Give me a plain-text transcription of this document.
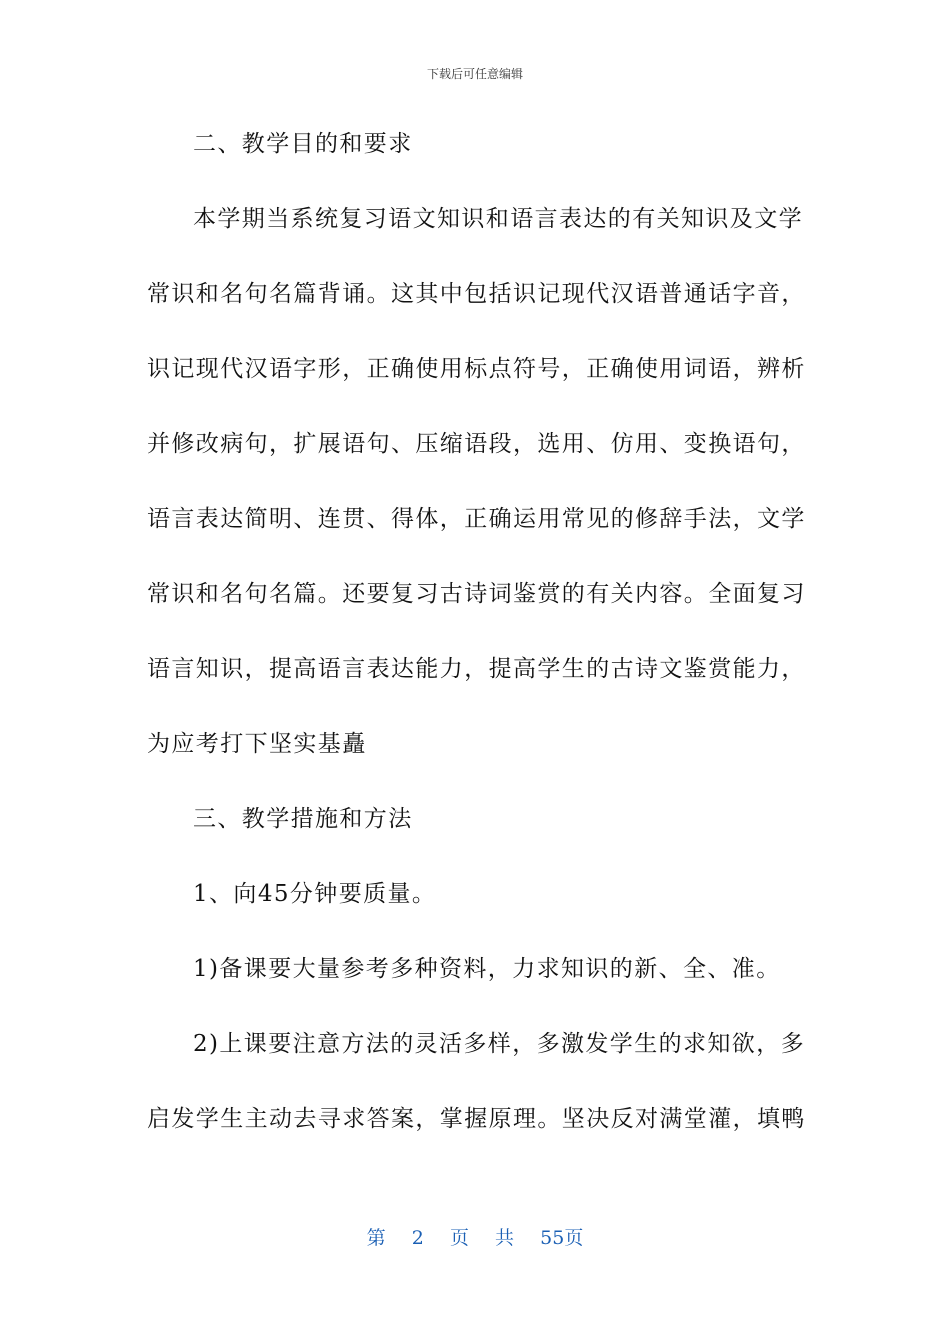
下载后可任意编辑
二、教学目的和要求
本学期当系统复习语文知识和语言表达的有关知识及文学
常识和名句名篇背诵。这其中包括识记现代汉语普通话字音，
识记现代汉语字形，正确使用标点符号，正确使用词语，辨析
并修改病句，扩展语句、压缩语段，选用、仿用、变换语句，
语言表达简明、连贯、得体，正确运用常见的修辞手法，文学
常识和名句名篇。还要复习古诗词鉴赏的有关内容。全面复习
语言知识，提高语言表达能力，提高学生的古诗文鉴赏能力，
为应考打下坚实基矗
三、教学措施和方法
1、向45分钟要质量。
1)备课要大量参考多种资料，力求知识的新、全、准。
2)上课要注意方法的灵活多样，多激发学生的求知欲，多
启发学生主动去寻求答案，掌握原理。坚决反对满堂灌，填鸭
第 2 页 共 55页
